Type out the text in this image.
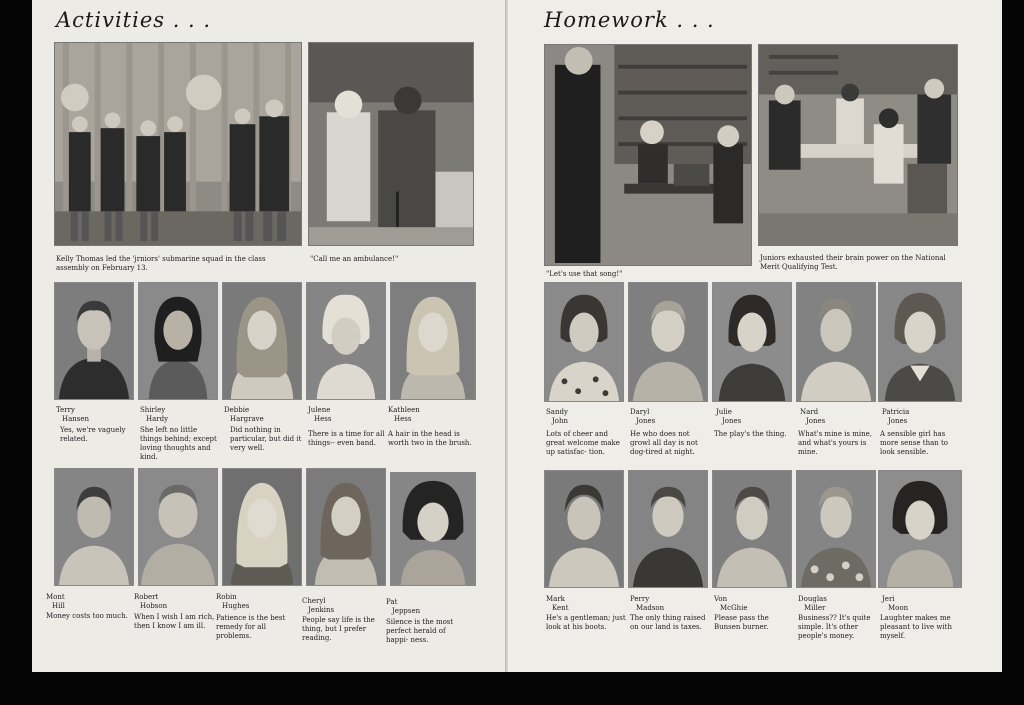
Activities . . .
Kelly Thomas led the 'jrniors' submarine squad in the class assembly on February 13.
"Call me an ambulance!"
Terry
Hansen
Yes, we're vaguely related.
Shirley
Hardy
She left no little things behind; except loving thoughts and kind.
Debbie
Hargrave
Did nothing in particular, but did it very well.
Julene
Hess
There is a time for all things-- even band.
Kathleen
Hess
A hair in the head is worth two in the brush.
Mont
Hill
Money costs too much.
Robert
Hobson
When I wish I am rich, then I know I am ill.
Robin
Hughes
Patience is the best remedy for all problems.
Cheryl
Jenkins
People say life is the thing, but I prefer reading.
Pat
Jeppsen
Silence is the most perfect herald of happi- ness.
Homework . . .
"Let's use that song!"
Juniors exhausted their brain power on the National Merit Qualifying Test.
Sandy
John
Lots of cheer and great welcome make up satisfac- tion.
Daryl
Jones
He who does not growl all day is not dog-tired at night.
Julie
Jones
The play's the thing.
Nard
Jones
What's mine is mine, and what's yours is mine.
Patricia
Jones
A sensible girl has more sense than to look sensible.
Mark
Kent
He's a gentleman; just look at his boots.
Perry
Madson
The only thing raised on our land is taxes.
Von
McGhie
Please pass the Bunsen burner.
Douglas
Miller
Business?? It's quite simple. It's other people's money.
Jeri
Moon
Laughter makes me pleasant to live with myself.
